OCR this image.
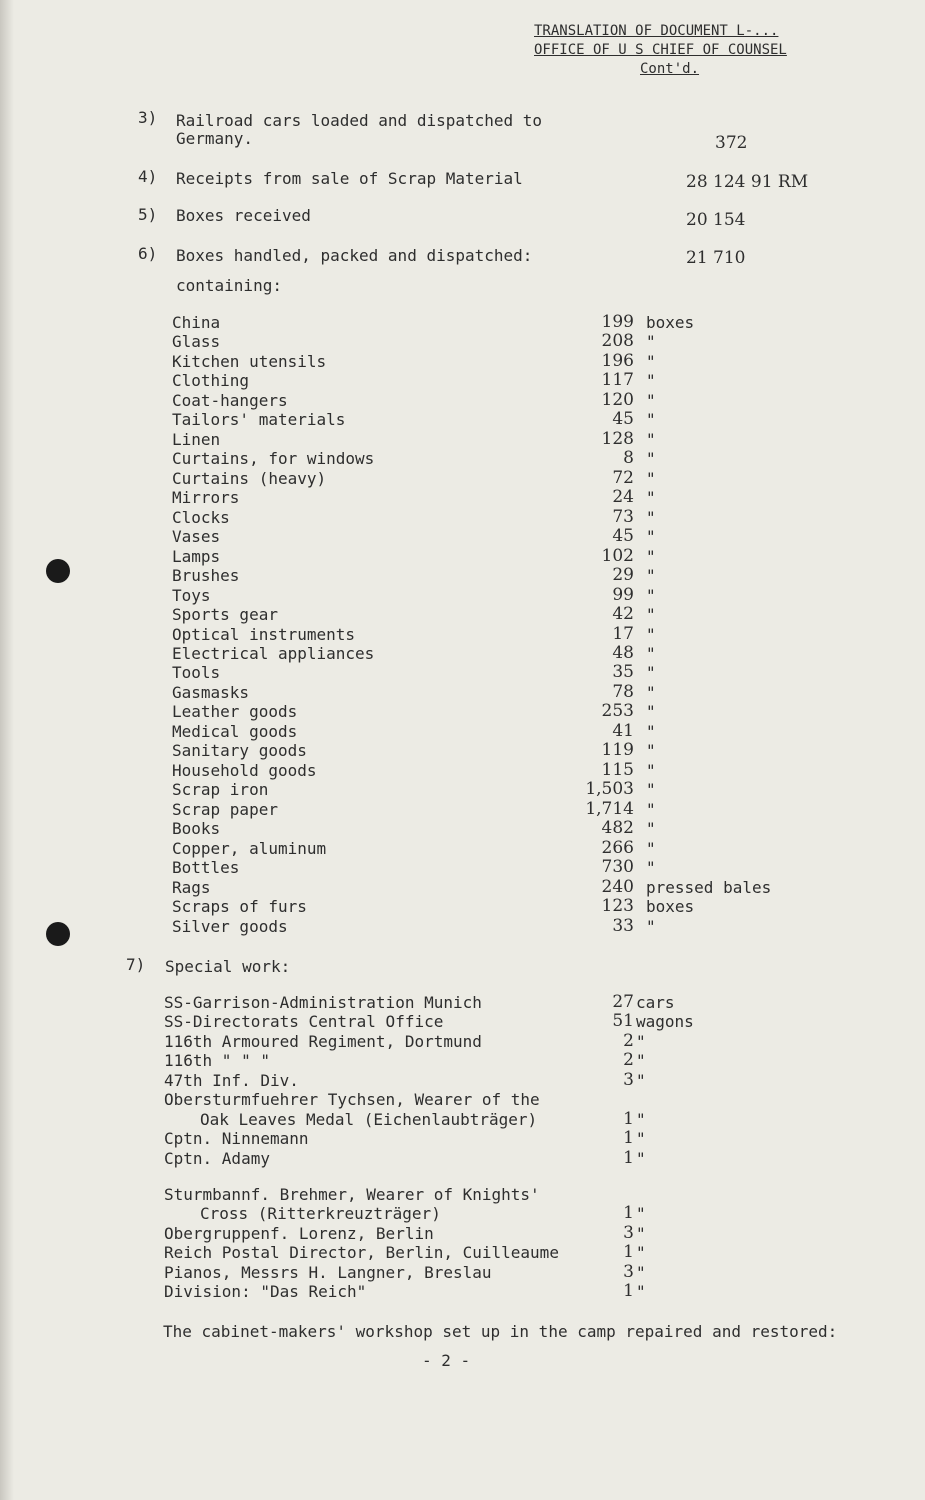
TRANSLATION OF DOCUMENT L-...
OFFICE OF U S CHIEF OF COUNSEL
Cont'd.
3) Railroad cars loaded and dispatched to
Germany.	372
4) Receipts from sale of Scrap Material	28 124 91 RM
5) Boxes received	20 154
6) Boxes handled, packed and dispatched:	21 710
containing:
China	199 boxes
Glass	208 "
Kitchen utensils	196 "
Clothing	117 "
Coat-hangers	120 "
Tailors' materials	45 "
Linen	128 "
Curtains, for windows	8 "
Curtains (heavy)	72 "
Mirrors	24 "
Clocks	73 "
Vases	45 "
Lamps	102 "
Brushes	29 "
Toys	99 "
Sports gear	42 "
Optical instruments	17 "
Electrical appliances	48 "
Tools	35 "
Gasmasks	78 "
Leather goods	253 "
Medical goods	41 "
Sanitary goods	119 "
Household goods	115 "
Scrap iron	1,503 "
Scrap paper	1,714 "
Books	482 "
Copper, aluminum	266 "
Bottles	730 "
Rags	240 pressed bales
Scraps of furs	123 boxes
Silver goods	33 "
7) Special work:
SS-Garrison-Administration Munich	27 cars
SS-Directorats Central Office	51 wagons
116th Armoured Regiment, Dortmund	2 "
116th " " "	2 "
47th Inf. Div.	3 "
Obersturmfuehrer Tychsen, Wearer of the
Oak Leaves Medal (Eichenlaubträger)	1 "
Cptn. Ninnemann	1 "
Cptn. Adamy	1 "
Sturmbannf. Brehmer, Wearer of Knights'
Cross (Ritterkreuzträger)	1 "
Obergruppenf. Lorenz, Berlin	3 "
Reich Postal Director, Berlin, Cuilleaume	1 "
Pianos, Messrs H. Langner, Breslau	3 "
Division: "Das Reich"	1 "
The cabinet-makers' workshop set up in the camp repaired and restored:
- 2 -
